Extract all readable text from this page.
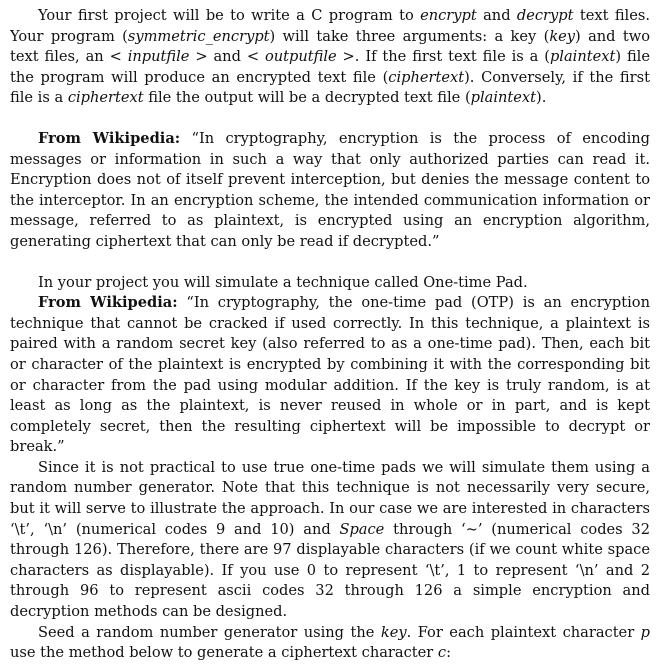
Your first project will be to write a C program to encrypt and decrypt text files. Your program (symmetric_encrypt) will take three arguments: a key (key) and two text files, an < inputfile > and < outputfile >. If the first text file is a (plaintext) file the program will produce an encrypted text file (ciphertext). Conversely, if the first file is a ciphertext file the output will be a decrypted text file (plaintext).

From Wikipedia: “In cryptography, encryption is the process of encoding messages or information in such a way that only authorized parties can read it. Encryption does not of itself prevent interception, but denies the message content to the interceptor. In an encryption scheme, the intended communication information or message, referred to as plaintext, is encrypted using an encryption algorithm, generating ciphertext that can only be read if decrypted.”

In your project you will simulate a technique called One-time Pad.

From Wikipedia: “In cryptography, the one-time pad (OTP) is an encryption technique that cannot be cracked if used correctly. In this technique, a plaintext is paired with a random secret key (also referred to as a one-time pad). Then, each bit or character of the plaintext is encrypted by combining it with the corresponding bit or character from the pad using modular addition. If the key is truly random, is at least as long as the plaintext, is never reused in whole or in part, and is kept completely secret, then the resulting ciphertext will be impossible to decrypt or break.”

Since it is not practical to use true one-time pads we will simulate them using a random number generator. Note that this technique is not necessarily very secure, but it will serve to illustrate the approach. In our case we are interested in characters ‘\t’, ‘\n’ (numerical codes 9 and 10) and Space through ‘~’ (numerical codes 32 through 126). Therefore, there are 97 displayable characters (if we count white space characters as displayable). If you use 0 to represent ‘\t’, 1 to represent ‘\n’ and 2 through 96 to represent ascii codes 32 through 126 a simple encryption and decryption methods can be designed.

Seed a random number generator using the key. For each plaintext character p use the method below to generate a ciphertext character c:
